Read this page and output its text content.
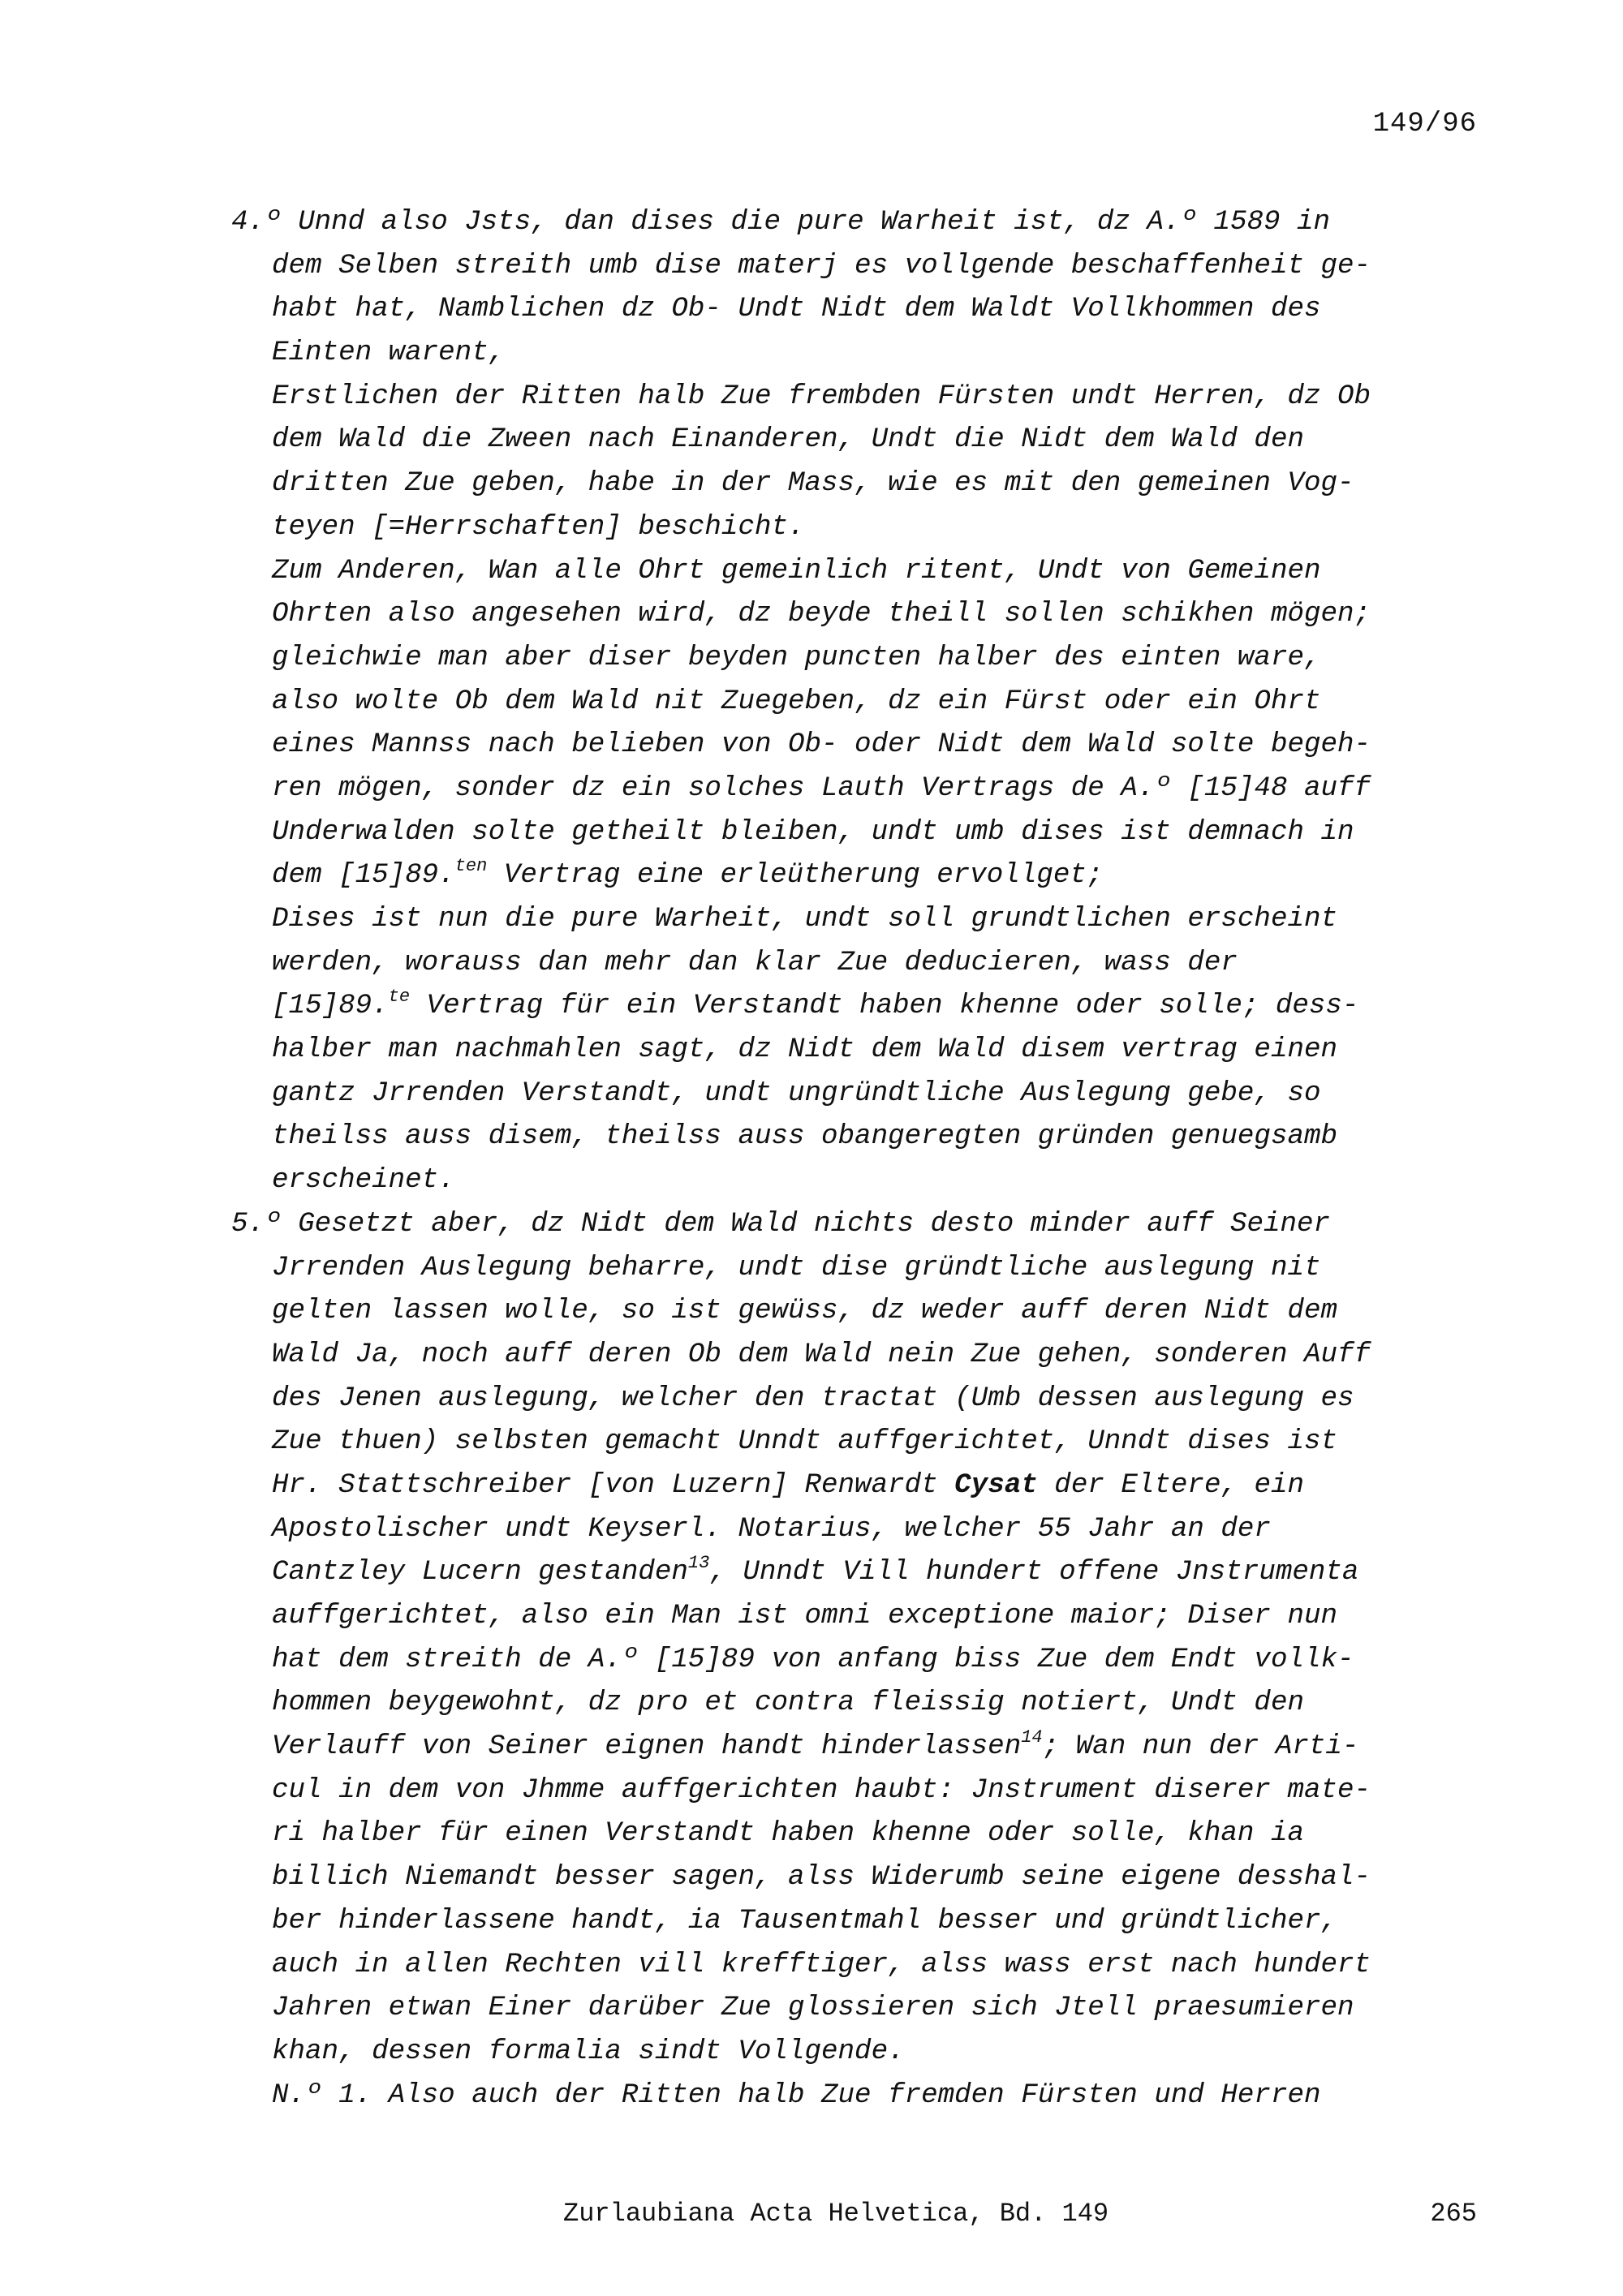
149/96
4.º Unnd also Jsts, dan dises die pure Warheit ist, dz A.º 1589 in
dem Selben streith umb dise materj es vollgende beschaffenheit ge-
habt hat, Namblichen dz Ob- Undt Nidt dem Waldt Vollkhommen des
Einten warent,
Erstlichen der Ritten halb Zue frembden Fürsten undt Herren, dz Ob
dem Wald die Zween nach Einanderen, Undt die Nidt dem Wald den
dritten Zue geben, habe in der Mass, wie es mit den gemeinen Vog-
teyen [=Herrschaften] beschicht.
Zum Anderen, Wan alle Ohrt gemeinlich ritent, Undt von Gemeinen
Ohrten also angesehen wird, dz beyde theill sollen schikhen mögen;
gleichwie man aber diser beyden puncten halber des einten ware,
also wolte Ob dem Wald nit Zuegeben, dz ein Fürst oder ein Ohrt
eines Mannss nach belieben von Ob- oder Nidt dem Wald solte begeh-
ren mögen, sonder dz ein solches Lauth Vertrags de A.º [15]48 auff
Underwalden solte getheilt bleiben, undt umb dises ist demnach in
dem [15]89.$^{ten}$ Vertrag eine erleütherung ervollget;
Dises ist nun die pure Warheit, undt soll grundtlichen erscheint
werden, worauss dan mehr dan klar Zue deducieren, wass der
[15]89.$^{te}$ Vertrag für ein Verstandt haben khenne oder solle; dess-
halber man nachmahlen sagt, dz Nidt dem Wald disem vertrag einen
gantz Jrrenden Verstandt, undt ungründtliche Auslegung gebe, so
theilss auss disem, theilss auss obangeregten gründen genuegsamb
erscheinet.
5.º Gesetzt aber, dz Nidt dem Wald nichts desto minder auff Seiner
Jrrenden Auslegung beharre, undt dise gründtliche auslegung nit
gelten lassen wolle, so ist gewüss, dz weder auff deren Nidt dem
Wald Ja, noch auff deren Ob dem Wald nein Zue gehen, sonderen Auff
des Jenen auslegung, welcher den tractat (Umb dessen auslegung es
Zue thuen) selbsten gemacht Unndt auffgerichtet, Unndt dises ist
Hr. Stattschreiber [von Luzern] Renwardt Cysat der Eltere, ein
Apostolischer undt Keyserl. Notarius, welcher 55 Jahr an der
Cantzley Lucern gestanden$^{13}$, Unndt Vill hundert offene Jnstrumenta
auffgerichtet, also ein Man ist omni exceptione maior; Diser nun
hat dem streith de A.º [15]89 von anfang biss Zue dem Endt vollk-
hommen beygewohnt, dz pro et contra fleissig notiert, Undt den
Verlauff von Seiner eignen handt hinderlassen$^{14}$; Wan nun der Arti-
cul in dem von Jhmme auffgerichten haubt: Jnstrument diserer mate-
ri halber für einen Verstandt haben khenne oder solle, khan ia
billich Niemandt besser sagen, alss Widerumb seine eigene desshal-
ber hinderlassene handt, ia Tausentmahl besser und gründtlicher,
auch in allen Rechten vill krefftiger, alss wass erst nach hundert
Jahren etwan Einer darüber Zue glossieren sich Jtell praesumieren
khan, dessen formalia sindt Vollgende.
N.º 1. Also auch der Ritten halb Zue fremden Fürsten und Herren
Zurlaubiana Acta Helvetica, Bd. 149	265
